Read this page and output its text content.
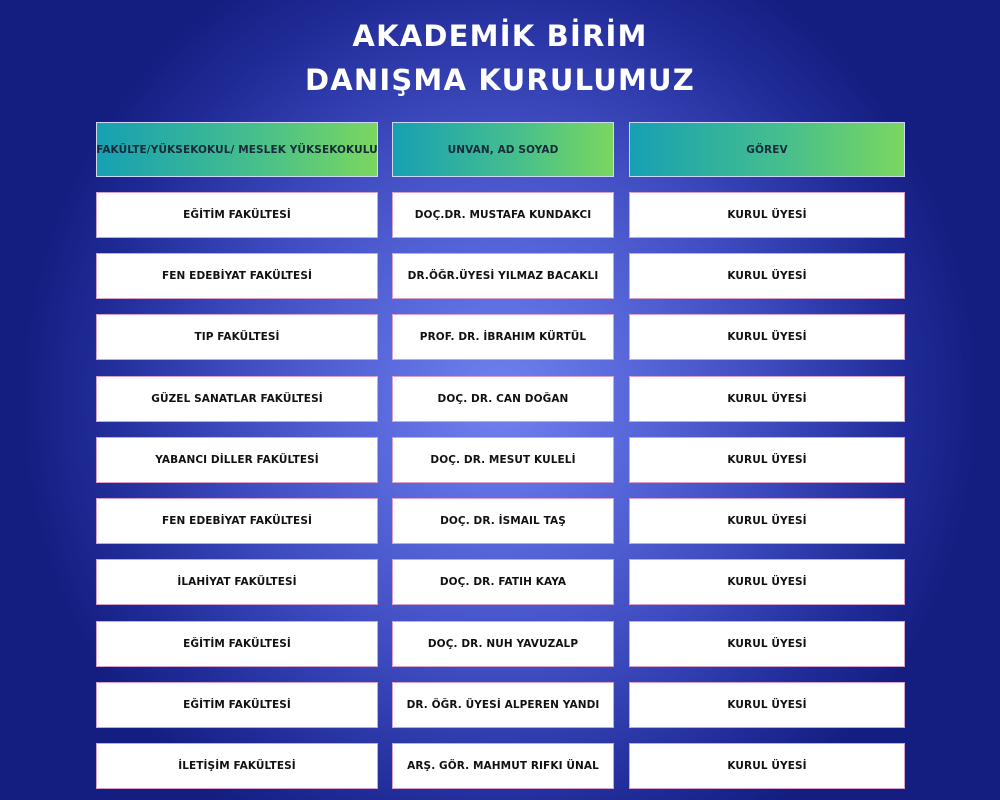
AKADEMİK BİRİM
DANIŞMA KURULUMUZ
FAKÜLTE/YÜKSEKOKUL/ MESLEK YÜKSEKOKULU	UNVAN, AD SOYAD	GÖREV
EĞİTİM FAKÜLTESİ	DOÇ.DR. MUSTAFA KUNDAKCI	KURUL ÜYESİ
FEN EDEBİYAT FAKÜLTESİ	DR.ÖĞR.ÜYESİ YILMAZ BACAKLI	KURUL ÜYESİ
TIP FAKÜLTESİ	PROF. DR. İBRAHIM KÜRTÜL	KURUL ÜYESİ
GÜZEL SANATLAR FAKÜLTESİ	DOÇ. DR. CAN DOĞAN	KURUL ÜYESİ
YABANCI DİLLER FAKÜLTESİ	DOÇ. DR. MESUT KULELİ	KURUL ÜYESİ
FEN EDEBİYAT FAKÜLTESİ	DOÇ. DR. İSMAIL TAŞ	KURUL ÜYESİ
İLAHİYAT FAKÜLTESİ	DOÇ. DR. FATIH KAYA	KURUL ÜYESİ
EĞİTİM FAKÜLTESİ	DOÇ. DR. NUH YAVUZALP	KURUL ÜYESİ
EĞİTİM FAKÜLTESİ	DR. ÖĞR. ÜYESİ ALPEREN YANDI	KURUL ÜYESİ
İLETİŞİM FAKÜLTESİ	ARŞ. GÖR. MAHMUT RIFKI ÜNAL	KURUL ÜYESİ
